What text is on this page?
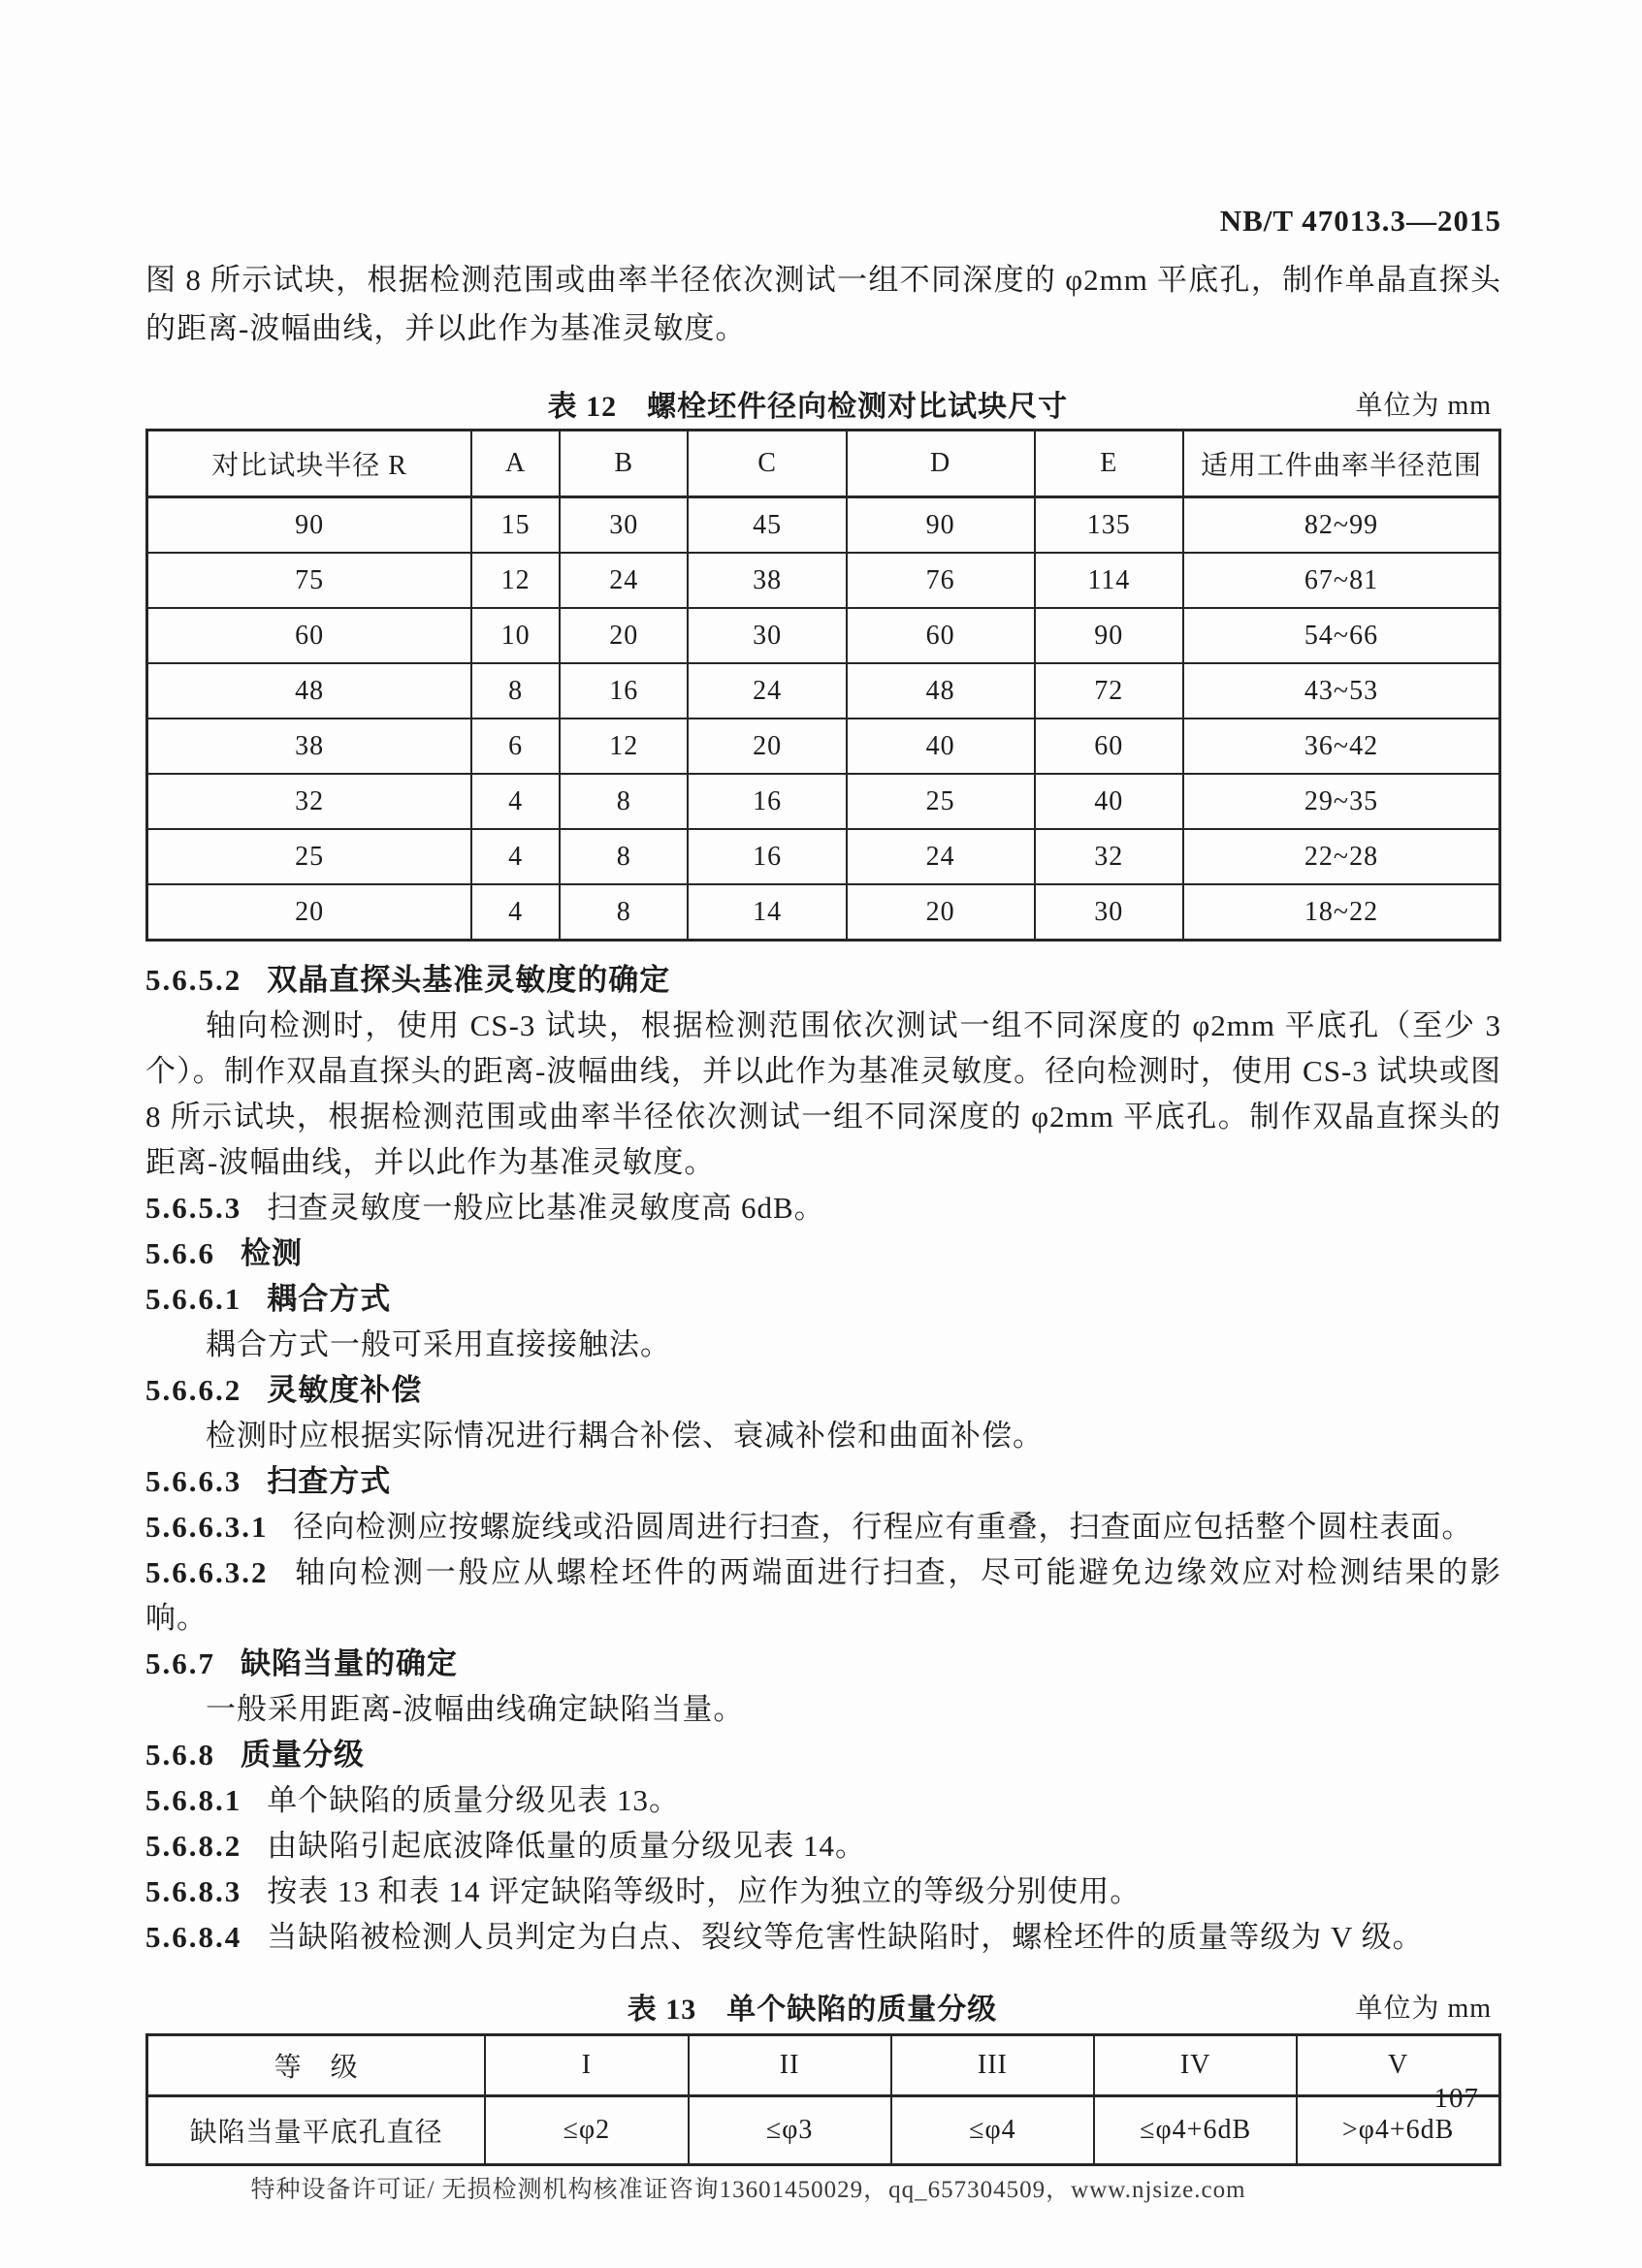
NB/T 47013.3—2015
图 8 所示试块，根据检测范围或曲率半径依次测试一组不同深度的 φ2mm 平底孔，制作单晶直探头的距离-波幅曲线，并以此作为基准灵敏度。
表 12　螺栓坯件径向检测对比试块尺寸	单位为 mm
对比试块半径 R	A	B	C	D	E	适用工件曲率半径范围
90	15	30	45	90	135	82~99
75	12	24	38	76	114	67~81
60	10	20	30	60	90	54~66
48	8	16	24	48	72	43~53
38	6	12	20	40	60	36~42
32	4	8	16	25	40	29~35
25	4	8	16	24	32	22~28
20	4	8	14	20	30	18~22
5.6.5.2 双晶直探头基准灵敏度的确定
轴向检测时，使用 CS-3 试块，根据检测范围依次测试一组不同深度的 φ2mm 平底孔（至少 3 个）。制作双晶直探头的距离-波幅曲线，并以此作为基准灵敏度。径向检测时，使用 CS-3 试块或图 8 所示试块，根据检测范围或曲率半径依次测试一组不同深度的 φ2mm 平底孔。制作双晶直探头的距离-波幅曲线，并以此作为基准灵敏度。
5.6.5.3 扫查灵敏度一般应比基准灵敏度高 6dB。
5.6.6 检测
5.6.6.1 耦合方式
耦合方式一般可采用直接接触法。
5.6.6.2 灵敏度补偿
检测时应根据实际情况进行耦合补偿、衰减补偿和曲面补偿。
5.6.6.3 扫查方式
5.6.6.3.1 径向检测应按螺旋线或沿圆周进行扫查，行程应有重叠，扫查面应包括整个圆柱表面。
5.6.6.3.2 轴向检测一般应从螺栓坯件的两端面进行扫查，尽可能避免边缘效应对检测结果的影响。
5.6.7 缺陷当量的确定
一般采用距离-波幅曲线确定缺陷当量。
5.6.8 质量分级
5.6.8.1 单个缺陷的质量分级见表 13。
5.6.8.2 由缺陷引起底波降低量的质量分级见表 14。
5.6.8.3 按表 13 和表 14 评定缺陷等级时，应作为独立的等级分别使用。
5.6.8.4 当缺陷被检测人员判定为白点、裂纹等危害性缺陷时，螺栓坯件的质量等级为 V 级。
表 13　单个缺陷的质量分级	单位为 mm
等　级	I	II	III	IV	V
缺陷当量平底孔直径	≤φ2	≤φ3	≤φ4	≤φ4+6dB	>φ4+6dB
107
特种设备许可证/ 无损检测机构核准证咨询13601450029，qq_657304509，www.njsize.com
